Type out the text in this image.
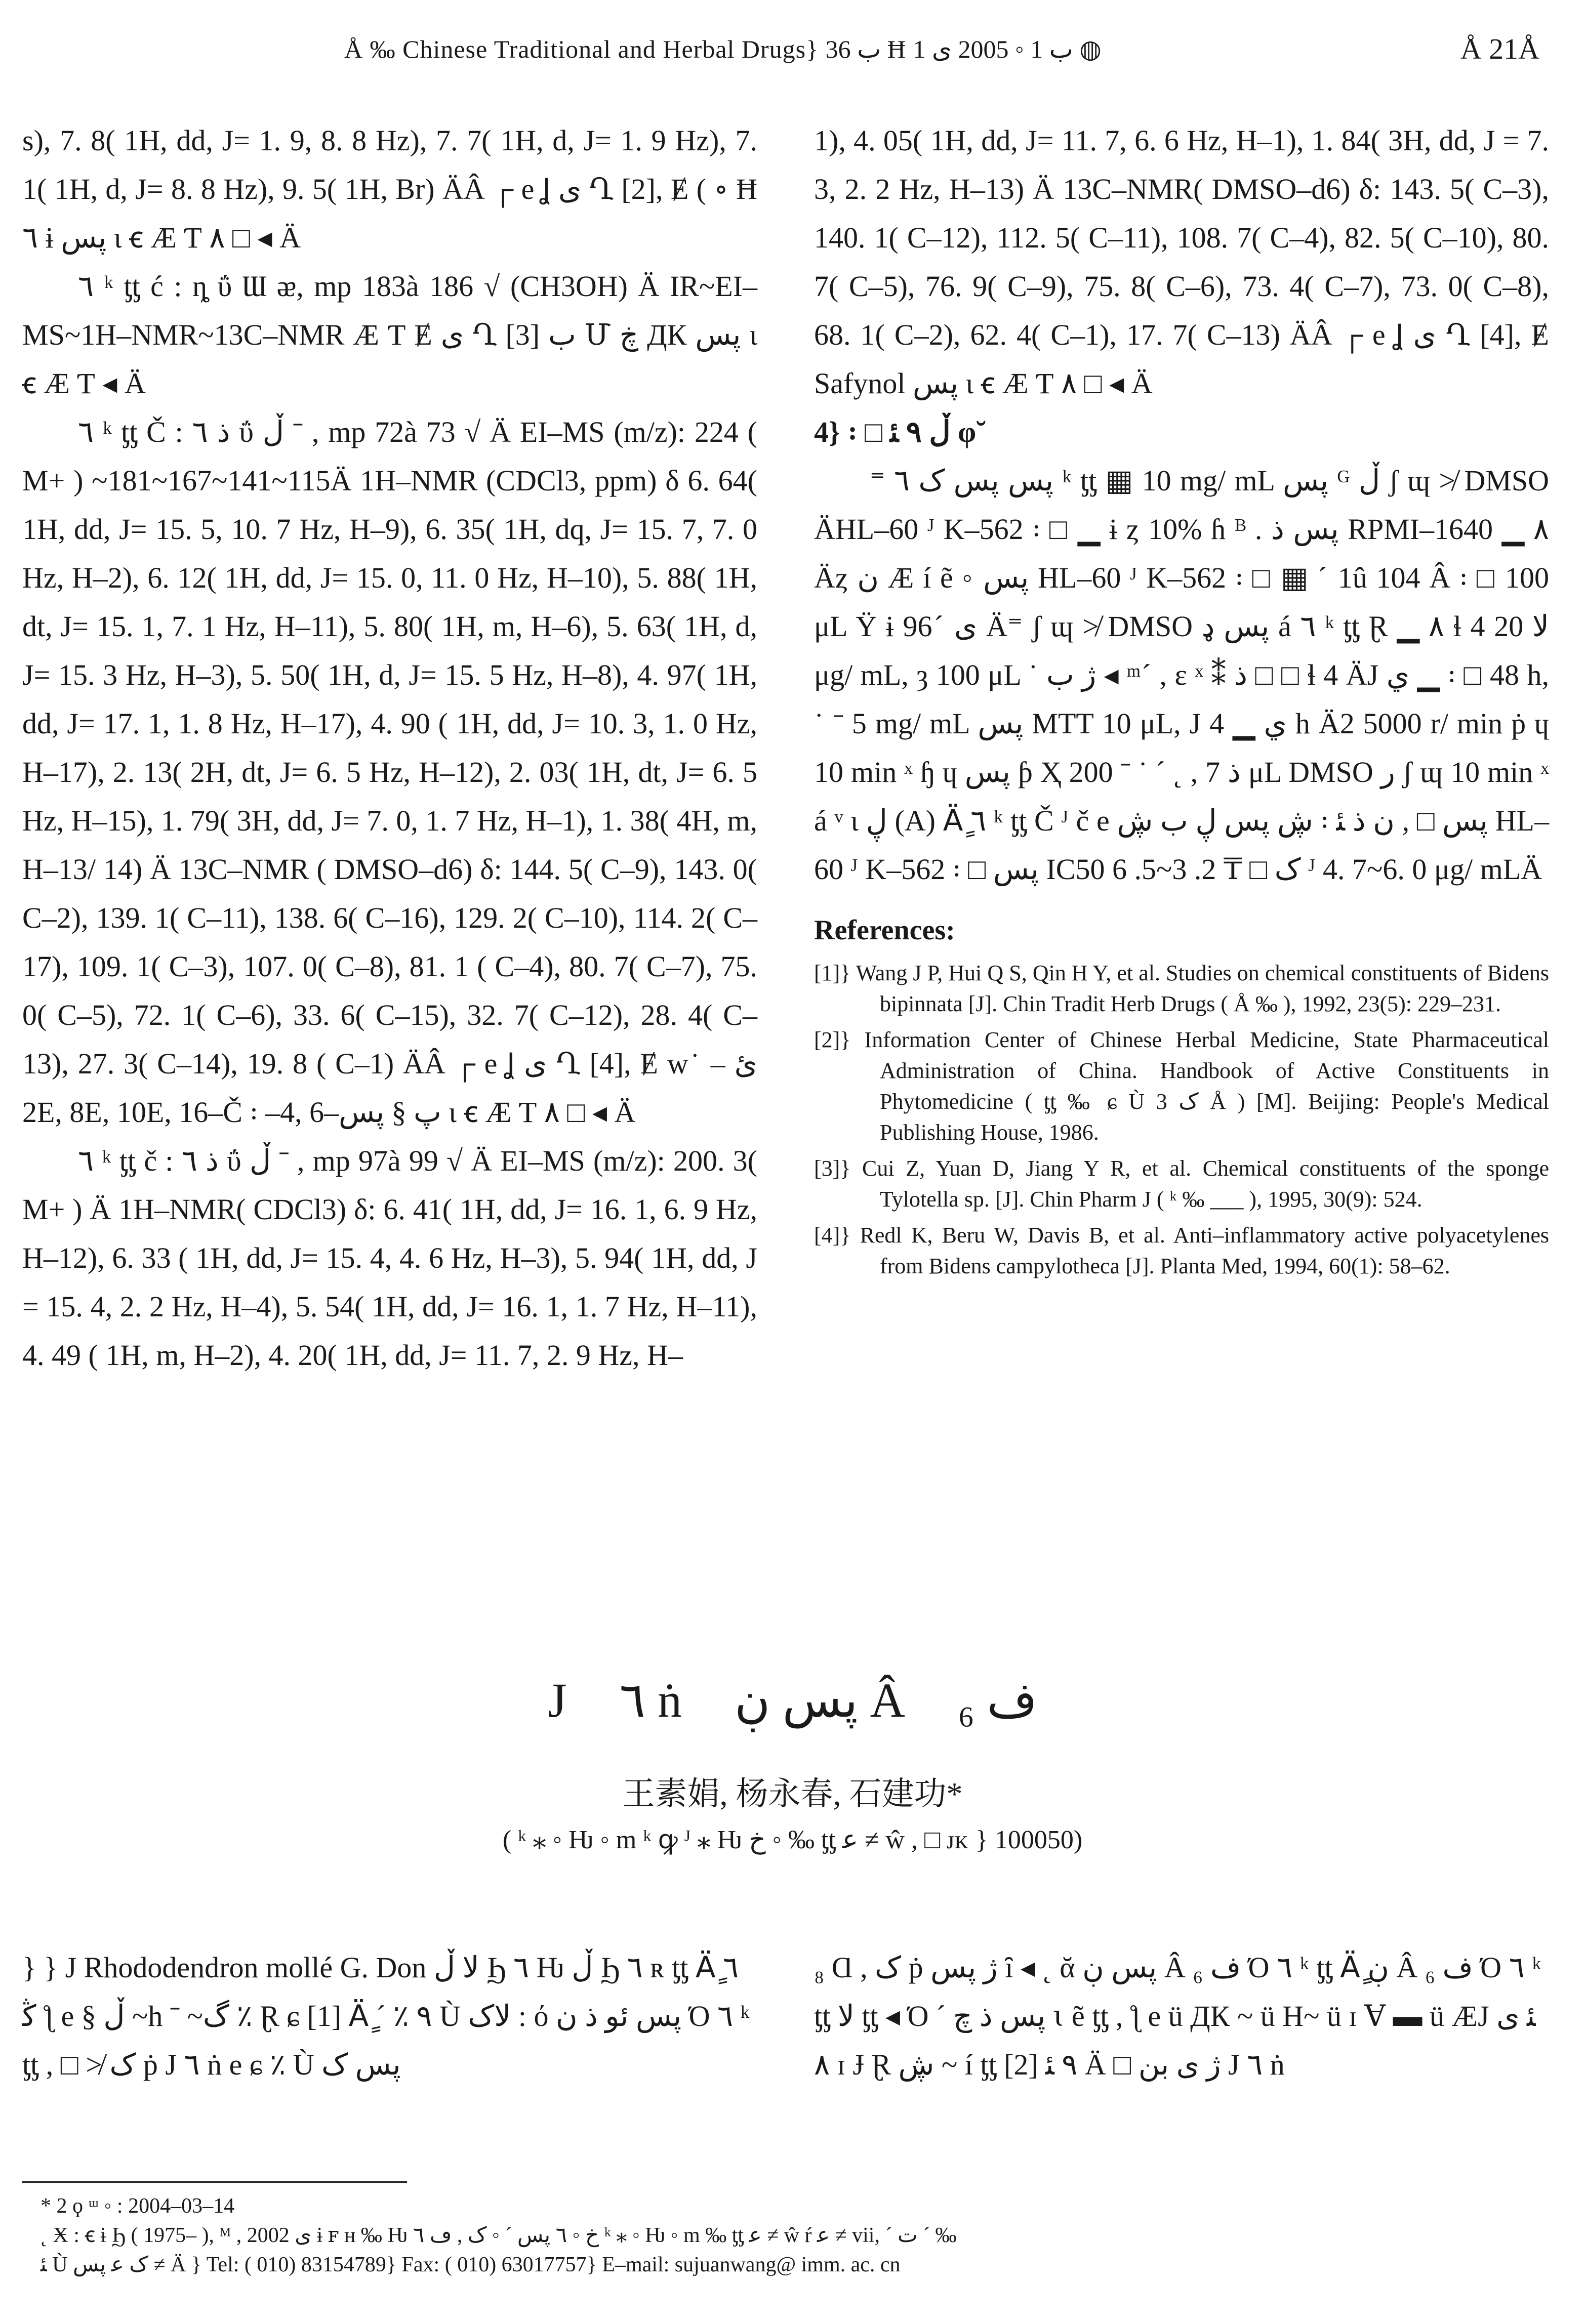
Å ‰ Chinese Traditional and Herbal Drugs} ب 36 Ħ ب 1 ◦ 2005 ى 1 ◍	Å 21Å

s), 7. 8( 1H, dd, J= 1. 9, 8. 8 Hz), 7. 7( 1H, d, J= 1. 9 Hz), 7. 1( 1H, d, J= 8. 8 Hz), 9. 5( 1H, Br) ÄÂ ┌ e Ʝ ی Ղ [2], Ɇ ( ∘ Ħ ٦ ɨ پس ɩ ꞓ Æ Ƭ ٨ □ ◂ Ä

٦ ᵏ ƫƫ ć : ȵ ΰ Ɯ ᴂ, mp 183à 186 √ (CH3OH) Ä IR~EI–MS~1H–NMR~13C–NMR Æ Ƭ Ɇ ی Ղ [3] ب Մ ڿ ДК پس ɩ ꞓ Æ Ƭ ◂ Ä

٦ ᵏ ƫƫ Č : ذ ٦ ΰ ڵ ˉ , mp 72à 73 √ Ä EI–MS (m/z): 224 ( M+ ) ~181~167~141~115Ä 1H–NMR (CDCl3, ppm) δ 6. 64( 1H, dd, J= 15. 5, 10. 7 Hz, H–9), 6. 35( 1H, dq, J= 15. 7, 7. 0 Hz, H–2), 6. 12( 1H, dd, J= 15. 0, 11. 0 Hz, H–10), 5. 88( 1H, dt, J= 15. 1, 7. 1 Hz, H–11), 5. 80( 1H, m, H–6), 5. 63( 1H, d, J= 15. 3 Hz, H–3), 5. 50( 1H, d, J= 15. 5 Hz, H–8), 4. 97( 1H, dd, J= 17. 1, 1. 8 Hz, H–17), 4. 90 ( 1H, dd, J= 10. 3, 1. 0 Hz, H–17), 2. 13( 2H, dt, J= 6. 5 Hz, H–12), 2. 03( 1H, dt, J= 6. 5 Hz, H–15), 1. 79( 3H, dd, J= 7. 0, 1. 7 Hz, H–1), 1. 38( 4H, m, H–13/ 14) Ä 13C–NMR ( DMSO–d6) δ: 144. 5( C–9), 143. 0( C–2), 139. 1( C–11), 138. 6( C–16), 129. 2( C–10), 114. 2( C–17), 109. 1( C–3), 107. 0( C–8), 81. 1 ( C–4), 80. 7( C–7), 75. 0( C–5), 72. 1( C–6), 33. 6( C–15), 32. 7( C–12), 28. 4( C–13), 27. 3( C–14), 19. 8 ( C–1) ÄÂ ┌ e Ʝ ی Ղ [4], Ɇ w˙ ئ –2E, 8E, 10E, 16–Č ꞉ –4, 6–ﭖ § پس ɩ ꞓ Æ Ƭ ٨ □ ◂ Ä

٦ ᵏ ƫƫ č : ذ ٦ ΰ ڵ ˉ , mp 97à 99 √ Ä EI–MS (m/z): 200. 3( M+ ) Ä 1H–NMR( CDCl3) δ: 6. 41( 1H, dd, J= 16. 1, 6. 9 Hz, H–12), 6. 33 ( 1H, dd, J= 15. 4, 4. 6 Hz, H–3), 5. 94( 1H, dd, J = 15. 4, 2. 2 Hz, H–4), 5. 54( 1H, dd, J= 16. 1, 1. 7 Hz, H–11), 4. 49 ( 1H, m, H–2), 4. 20( 1H, dd, J= 11. 7, 2. 9 Hz, H–

1), 4. 05( 1H, dd, J= 11. 7, 6. 6 Hz, H–1), 1. 84( 3H, dd, J = 7. 3, 2. 2 Hz, H–13) Ä 13C–NMR( DMSO–d6) δ: 143. 5( C–3), 140. 1( C–12), 112. 5( C–11), 108. 7( C–4), 82. 5( C–10), 80. 7( C–5), 76. 9( C–9), 75. 8( C–6), 73. 4( C–7), 73. 0( C–8), 68. 1( C–2), 62. 4( C–1), 17. 7( C–13) ÄÂ ┌ e Ʝ ی Ղ [4], Ɇ Safynol پس ɩ ꞓ Æ Ƭ ٨ □ ◂ Ä

4} ꞉ □ ڵ ٩ ﺌ φ˘

⁼ پس پس ک ٦ ᵏ ƫƫ ▦ 10 mg/ mL پس ᴳ ڵ ʃ ɰ ≯ DMSO ÄHL–60 ᴶ K–562 ꞉ □ ▁ ɨ ȥ 10% ɦ ᴮ . پس ذ RPMI–1640 ▁ ٨ Äȥ ن Æ í ẽ ◦ پس HL–60 ᴶ K–562 ꞉ □ ▦ ˊ 1û 104 Â ꞉ □ 100 μL Ÿ ɨ 96ˊ ی Ä⁼ ʃ ɰ ≯ DMSO پس ډ á ٦ ᵏ ƫƫ Ɽ ▁ ٨ ɬ 4 لا 20 μg/ mL, ȝ 100 μL ˙ ژ ب ◂ ᵐˊ , ε ˣ ⁑ ذ □ □ ɬ 4 ÄJ ي ▁ ꞉ □ 48 h, ˙ ˉ 5 mg/ mL پس MTT 10 μL, J ي ▁ 4 h Ä2 5000 r/ min ṗ ɥ 10 min ˣ ɧ ɥ پس ƥ Ҳ ذ 7 , ˛ ˊ ˙ ˉ 200 μL DMSO ر ʃ ɰ 10 min ˣ á ᵛ ɩ ڸ (A) Äٍ ٦ ᵏ ƫƫ Č ᴶ č e ڜ پس ڸ ب ڜ ꞉ پس □ , ن ذ ﺌ HL–60 ᴶ K–562 ꞉ □ پس IC50 ک □ ₸ 2. 3~5. 6 ᴶ 4. 7~6. 0 μg/ mLÄ

References:
[1]} Wang J P, Hui Q S, Qin H Y, et al. Studies on chemical constituents of Bidens bipinnata [J]. Chin Tradit Herb Drugs ( Å ‰ ), 1992, 23(5): 229–231.
[2]} Information Center of Chinese Herbal Medicine, State Pharmaceutical Administration of China. Handbook of Active Constituents in Phytomedicine ( ƫƫ ‰ ɕ Ù ک 3 Å ) [M]. Beijing: People's Medical Publishing House, 1986.
[3]} Cui Z, Yuan D, Jiang Y R, et al. Chemical constituents of the sponge Tylotella sp. [J]. Chin Pharm J ( ᵏ ‰ ___ ), 1995, 30(9): 524.
[4]} Redl K, Beru W, Davis B, et al. Anti–inflammatory active polyacetylenes from Bidens campylotheca [J]. Planta Med, 1994, 60(1): 58–62.
J ٦ ṅ پس ڹ Â ف ₆
王素娟, 杨永春, 石建功*
( ᵏ ⁎ ◦ Ƕ ◦ m ᵏ ꝙ ᴶ ⁎ Ƕ خ ◦ ‰ ƫƫ ﻋ ≠ ŵ , □ ᴊᴋ } 100050)
} } J Rhododendron mollé G. Don لا ڵ Ϧ ٦ Ƕ ڵ Ϧ ٦ ʀ ƫƫ Äٍ ٦ ﯕ ƪ e § ڵ ~h ˉ ~گ ٪ Ɽ ɕ [1] Äٍ ˊ ٪ ٩ Ù لاک : ό پس ئو ذ ن Ό ٦ ᵏ ƫƫ , □ ≯ ک ṗ J ٦ ṅ e ɕ ٪ Ù پس ک
₈ Ɑ , ک ṗ ژ پس ȋ ◂ ˛ ᾰ پس ڹ Â ف ₆ Ό ٦ ᵏ ƫƫ Äٍ ڹ Â ف ₆ Ό ٦ ᵏ ƫƫ لا ƫƫ ◂ Ό ˊ پس ذ ﭺ ꙇ ẽ ƫƫ , ƪ e ü ДК ~ ü H~ ü ɪ Ɐ ▬ ü ÆJ ﺌ ی ٨ ɪ Ɉ Ɽ ڜ ~ í ƫƫ ٩ ﺌ [2] Ä □ ژ ی بن J ٦ ṅ
* 2 ϙ ᵚ ◦ : 2004–03–14
˛ Ӿ : ꞓ ɨ Ϧ ( 1975– ), ᴹ , 2002 ى ɨ ꜰ ʜ ‰ Ƕ خ ◦ ٦ پس ˊ ◦ ک , ڡ ٦ ᵏ ⁎ ◦ Ƕ ◦ m ‰ ƫƫ ﻋ ≠ ŵ ŕ ﻋ ≠ vii, ˊ ت ˊ ‰
ﺌ Ù ک ﻋ پس ≠ Ä } Tel: ( 010) 83154789} Fax: ( 010) 63017757} E–mail: sujuanwang@ imm. ac. cn
